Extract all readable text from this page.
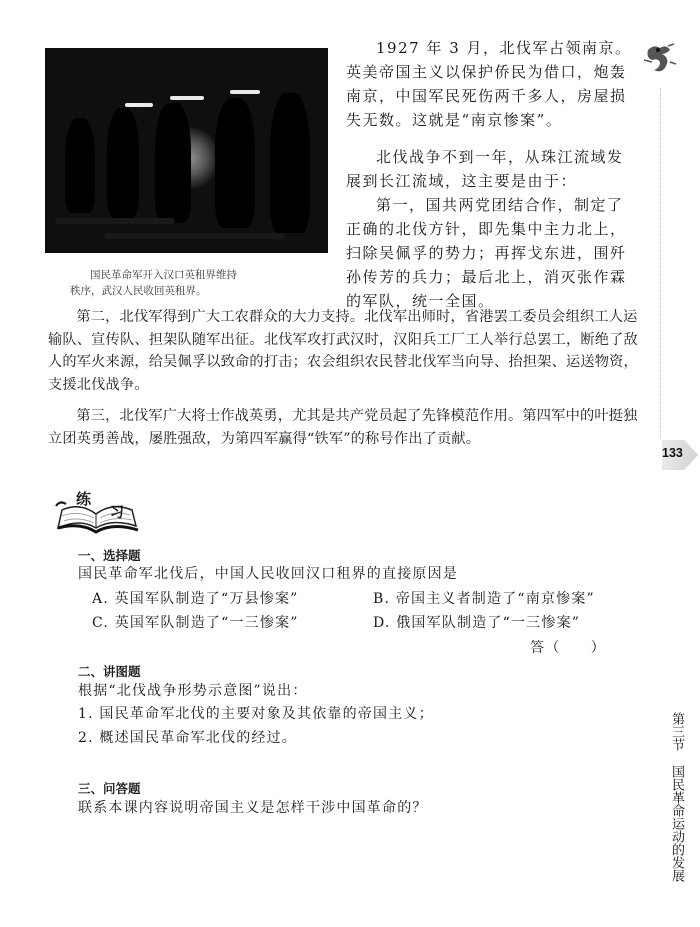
国民革命军开入汉口英租界维持
秩序，武汉人民收回英租界。

1927 年 3 月，北伐军占领南京。英美帝国主义以保护侨民为借口，炮轰南京，中国军民死伤两千多人，房屋损失无数。这就是“南京惨案”。

北伐战争不到一年，从珠江流域发展到长江流域，这主要是由于：

第一，国共两党团结合作，制定了正确的北伐方针，即先集中主力北上，扫除吴佩孚的势力；再挥戈东进，围歼孙传芳的兵力；最后北上，消灭张作霖的军队，统一全国。

第二，北伐军得到广大工农群众的大力支持。北伐军出师时，省港罢工委员会组织工人运输队、宣传队、担架队随军出征。北伐军攻打武汉时，汉阳兵工厂工人举行总罢工，断绝了敌人的军火来源，给吴佩孚以致命的打击；农会组织农民替北伐军当向导、抬担架、运送物资，支援北伐战争。

第三，北伐军广大将士作战英勇，尤其是共产党员起了先锋模范作用。第四军中的叶挺独立团英勇善战，屡胜强敌，为第四军赢得“铁军”的称号作出了贡献。

133
第三节国民革命运动的发展
练
习
一、选择题
国民革命军北伐后，中国人民收回汉口租界的直接原因是
A. 英国军队制造了“万县惨案”	B. 帝国主义者制造了“南京惨案”
C. 英国军队制造了“一三惨案”	D. 俄国军队制造了“一三惨案”
答（　　）
二、讲图题
根据“北伐战争形势示意图”说出：
1. 国民革命军北伐的主要对象及其依靠的帝国主义；
2. 概述国民革命军北伐的经过。
三、问答题
联系本课内容说明帝国主义是怎样干涉中国革命的？
